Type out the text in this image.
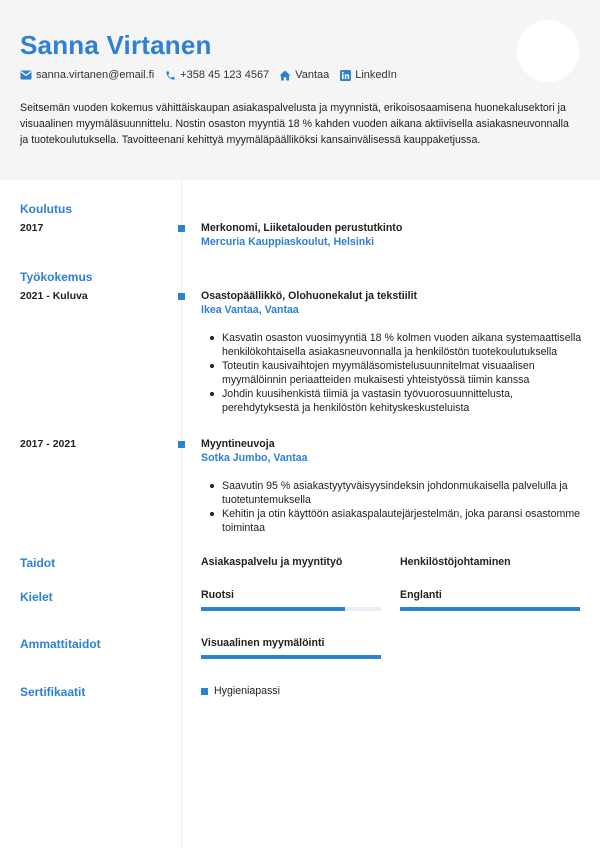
Sanna Virtanen
sanna.virtanen@email.fi +358 45 123 4567 Vantaa LinkedIn
Seitsemän vuoden kokemus vähittäiskaupan asiakaspalvelusta ja myynnistä, erikoisosaamisena huonekalusektori ja visuaalinen myymäläsuunnittelu. Nostin osaston myyntiä 18 % kahden vuoden aikana aktiivisella asiakasneuvonnalla ja tuotekoulutuksella. Tavoitteenani kehittyä myymäläpäälliköksi kansainvälisessä kauppaketjussa.
Koulutus
2017	Merkonomi, Liiketalouden perustutkinto
Mercuria Kauppiaskoulut, Helsinki
Työkokemus
2021 - Kuluva	Osastopäällikkö, Olohuonekalut ja tekstiilit
Ikea Vantaa, Vantaa
Kasvatin osaston vuosimyyntiä 18 % kolmen vuoden aikana systemaattisella henkilökohtaisella asiakasneuvonnalla ja henkilöstön tuotekoulutuksella
Toteutin kausivaihtojen myymäläsomistelusuunnitelmat visuaalisen myymälöinnin periaatteiden mukaisesti yhteistyössä tiimin kanssa
Johdin kuusihenkistä tiimiä ja vastasin työvuorosuunnittelusta, perehdytyksestä ja henkilöstön kehityskeskusteluista
2017 - 2021	Myyntineuvoja
Sotka Jumbo, Vantaa
Saavutin 95 % asiakastyytyväisyysindeksin johdonmukaisella palvelulla ja tuotetuntemuksella
Kehitin ja otin käyttöön asiakaspalautejärjestelmän, joka paransi osastomme toimintaa
Taidot	Asiakaspalvelu ja myyntityö	Henkilöstöjohtaminen
Kielet	Ruotsi	Englanti
Ammattitaidot	Visuaalinen myymälöinti
Sertifikaatit	Hygieniapassi
